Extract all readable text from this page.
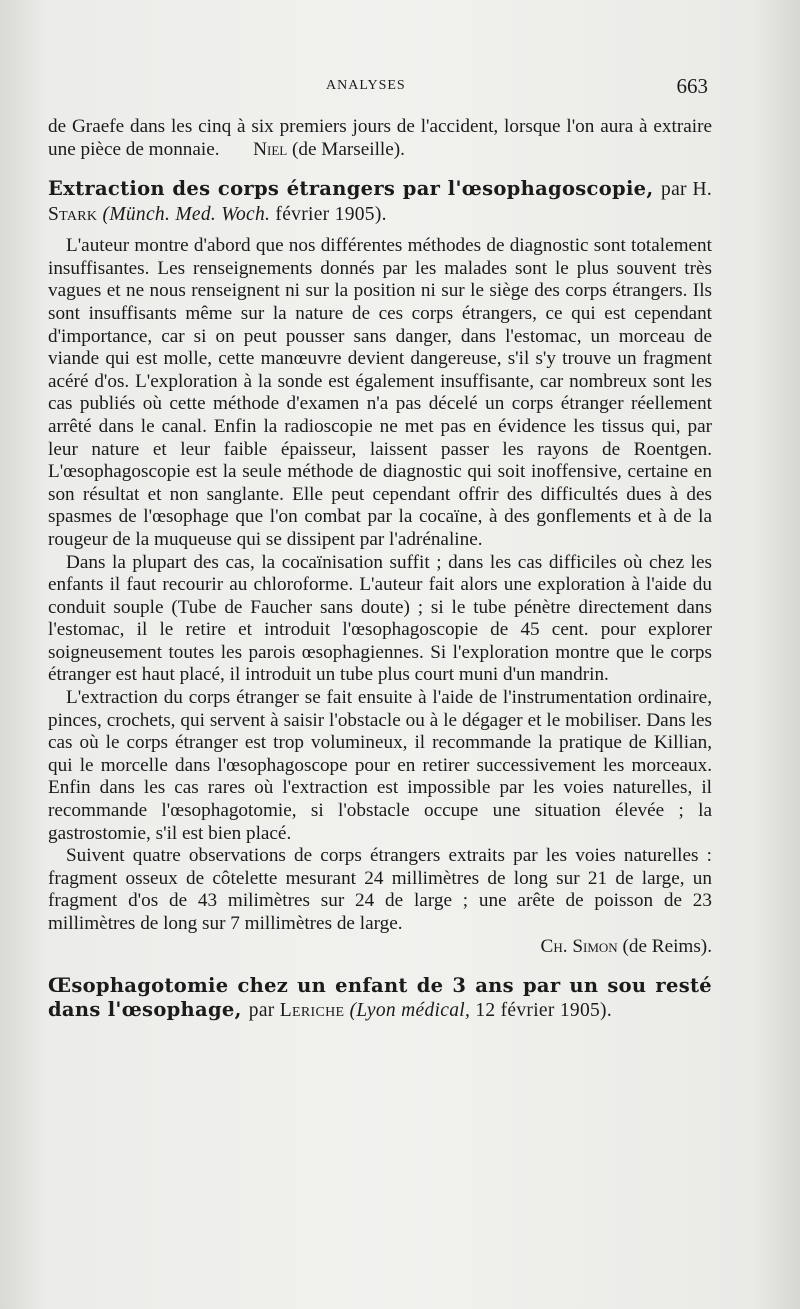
ANALYSES	663

de Graefe dans les cinq à six premiers jours de l'accident, lorsque l'on aura à extraire une pièce de monnaie. Niel (de Marseille).

Extraction des corps étrangers par l'œsophagoscopie, par H. Stark (Münch. Med. Woch. février 1905).

L'auteur montre d'abord que nos différentes méthodes de diagnostic sont totalement insuffisantes. Les renseignements donnés par les malades sont le plus souvent très vagues et ne nous renseignent ni sur la position ni sur le siège des corps étrangers. Ils sont insuffisants même sur la nature de ces corps étrangers, ce qui est cependant d'importance, car si on peut pousser sans danger, dans l'estomac, un morceau de viande qui est molle, cette manœuvre devient dangereuse, s'il s'y trouve un fragment acéré d'os. L'exploration à la sonde est également insuffisante, car nombreux sont les cas publiés où cette méthode d'examen n'a pas décelé un corps étranger réellement arrêté dans le canal. Enfin la radioscopie ne met pas en évidence les tissus qui, par leur nature et leur faible épaisseur, laissent passer les rayons de Roentgen. L'œsophagoscopie est la seule méthode de diagnostic qui soit inoffensive, certaine en son résultat et non sanglante. Elle peut cependant offrir des difficultés dues à des spasmes de l'œsophage que l'on combat par la cocaïne, à des gonflements et à de la rougeur de la muqueuse qui se dissipent par l'adrénaline.

Dans la plupart des cas, la cocaïnisation suffit ; dans les cas difficiles où chez les enfants il faut recourir au chloroforme. L'auteur fait alors une exploration à l'aide du conduit souple (Tube de Faucher sans doute) ; si le tube pénètre directement dans l'estomac, il le retire et introduit l'œsophagoscopie de 45 cent. pour explorer soigneusement toutes les parois œsophagiennes. Si l'exploration montre que le corps étranger est haut placé, il introduit un tube plus court muni d'un mandrin.

L'extraction du corps étranger se fait ensuite à l'aide de l'instrumentation ordinaire, pinces, crochets, qui servent à saisir l'obstacle ou à le dégager et le mobiliser. Dans les cas où le corps étranger est trop volumineux, il recommande la pratique de Killian, qui le morcelle dans l'œsophagoscope pour en retirer successivement les morceaux. Enfin dans les cas rares où l'extraction est impossible par les voies naturelles, il recommande l'œsophagotomie, si l'obstacle occupe une situation élevée ; la gastrostomie, s'il est bien placé.

Suivent quatre observations de corps étrangers extraits par les voies naturelles : fragment osseux de côtelette mesurant 24 millimètres de long sur 21 de large, un fragment d'os de 43 milimètres sur 24 de large ; une arête de poisson de 23 millimètres de long sur 7 millimètres de large.

Ch. Simon (de Reims).

Œsophagotomie chez un enfant de 3 ans par un sou resté dans l'œsophage, par Leriche (Lyon médical, 12 février 1905).
